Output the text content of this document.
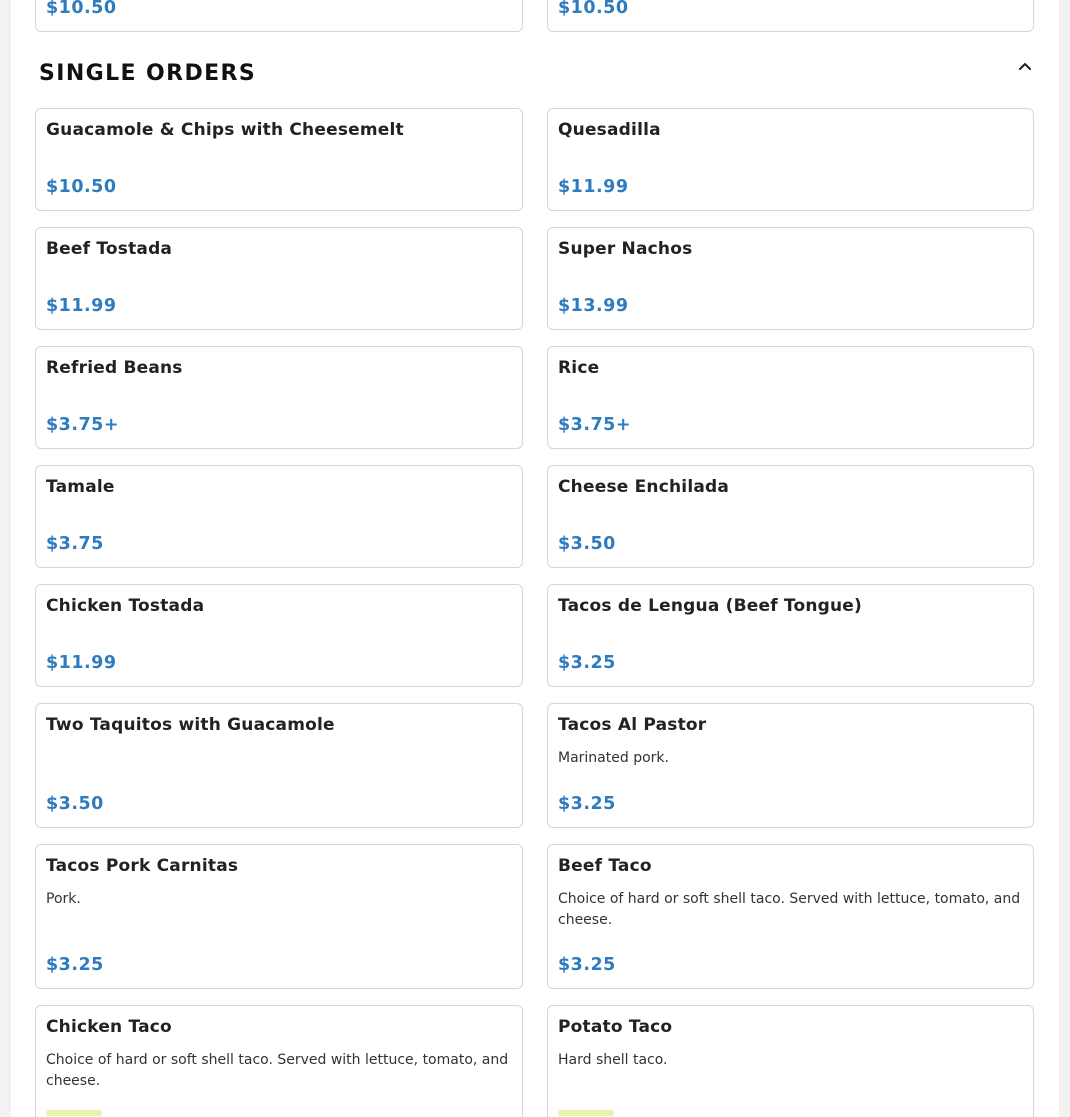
$10.50	$10.50
SINGLE ORDERS
Guacamole & Chips with Cheesemelt
$10.50
Quesadilla
$11.99
Beef Tostada
$11.99
Super Nachos
$13.99
Refried Beans
$3.75+
Rice
$3.75+
Tamale
$3.75
Cheese Enchilada
$3.50
Chicken Tostada
$11.99
Tacos de Lengua (Beef Tongue)
$3.25
Two Taquitos with Guacamole
$3.50
Tacos Al Pastor
Marinated pork.
$3.25
Tacos Pork Carnitas
Pork.
$3.25
Beef Taco
Choice of hard or soft shell taco. Served with lettuce, tomato, and cheese.
$3.25
Chicken Taco
Choice of hard or soft shell taco. Served with lettuce, tomato, and cheese.
Potato Taco
Hard shell taco.
